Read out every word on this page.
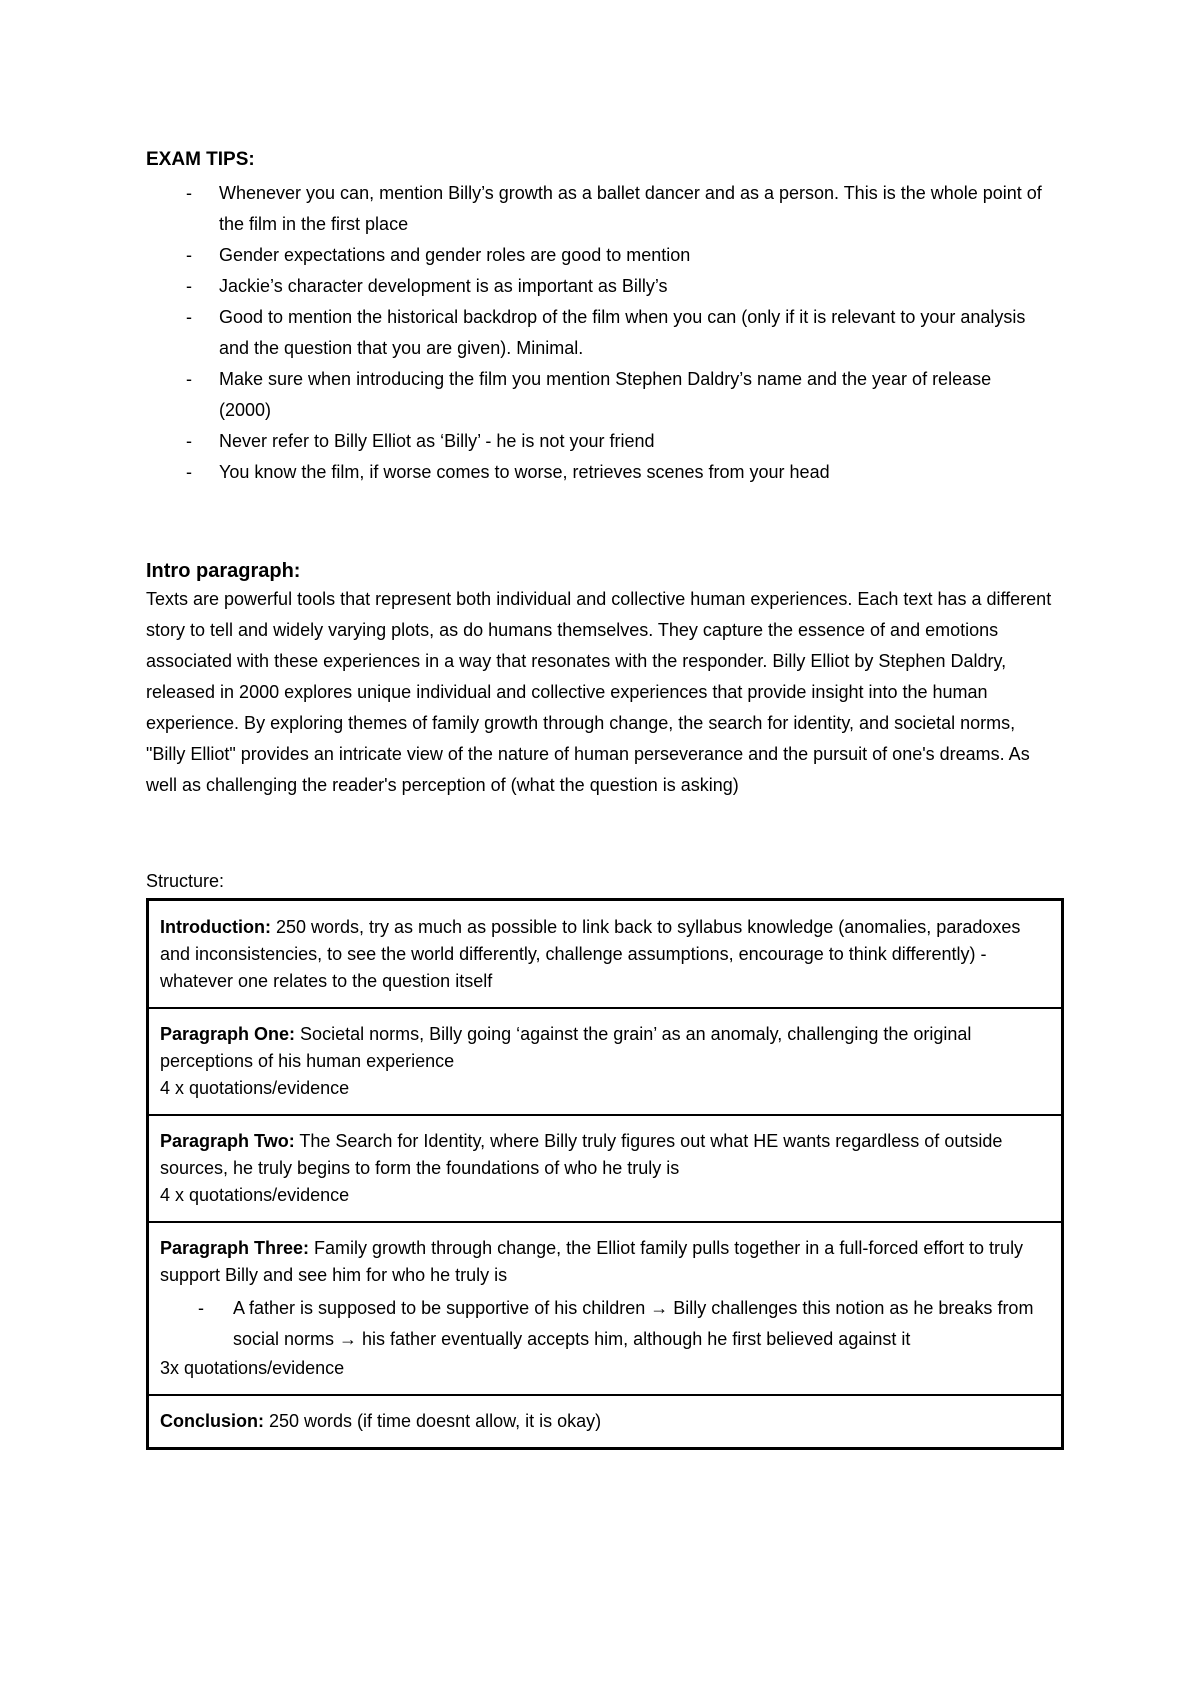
EXAM TIPS:
- Whenever you can, mention Billy’s growth as a ballet dancer and as a person. This is the whole point of the film in the first place
- Gender expectations and gender roles are good to mention
- Jackie’s character development is as important as Billy’s
- Good to mention the historical backdrop of the film when you can (only if it is relevant to your analysis and the question that you are given). Minimal.
- Make sure when introducing the film you mention Stephen Daldry’s name and the year of release (2000)
- Never refer to Billy Elliot as ‘Billy’ - he is not your friend
- You know the film, if worse comes to worse, retrieves scenes from your head
Intro paragraph:

Texts are powerful tools that represent both individual and collective human experiences. Each text has a different story to tell and widely varying plots, as do humans themselves. They capture the essence of and emotions associated with these experiences in a way that resonates with the responder. Billy Elliot by Stephen Daldry, released in 2000 explores unique individual and collective experiences that provide insight into the human experience. By exploring themes of family growth through change, the search for identity, and societal norms, "Billy Elliot" provides an intricate view of the nature of human perseverance and the pursuit of one's dreams. As well as challenging the reader's perception of (what the question is asking)

Structure:

Introduction: 250 words, try as much as possible to link back to syllabus knowledge (anomalies, paradoxes and inconsistencies, to see the world differently, challenge assumptions, encourage to think differently) - whatever one relates to the question itself
Paragraph One: Societal norms, Billy going ‘against the grain’ as an anomaly, challenging the original perceptions of his human experience
4 x quotations/evidence
Paragraph Two: The Search for Identity, where Billy truly figures out what HE wants regardless of outside sources, he truly begins to form the foundations of who he truly is
4 x quotations/evidence
Paragraph Three: Family growth through change, the Elliot family pulls together in a full-forced effort to truly support Billy and see him for who he truly is
- A father is supposed to be supportive of his children → Billy challenges this notion as he breaks from social norms → his father eventually accepts him, although he first believed against it
3x quotations/evidence
Conclusion: 250 words (if time doesnt allow, it is okay)
